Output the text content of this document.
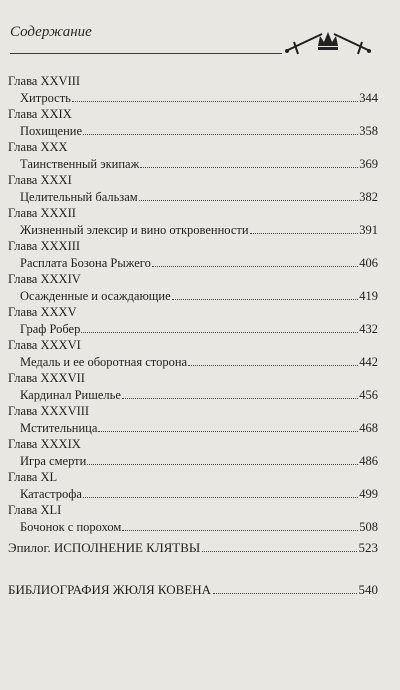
Содержание
Глава XXVIII
Хитрость	344
Глава XXIX
Похищение	358
Глава XXX
Таинственный экипаж	369
Глава XXXI
Целительный бальзам	382
Глава XXXII
Жизненный элексир и вино откровенности	391
Глава XXXIII
Расплата Бозона Рыжего	406
Глава XXXIV
Осажденные и осаждающие	419
Глава XXXV
Граф Робер	432
Глава XXXVI
Медаль и ее оборотная сторона	442
Глава XXXVII
Кардинал Ришелье	456
Глава XXXVIII
Мстительница	468
Глава XXXIX
Игра смерти	486
Глава XL
Катастрофа	499
Глава XLI
Бочонок с порохом	508
Эпилог. ИСПОЛНЕНИЕ КЛЯТВЫ	523
БИБЛИОГРАФИЯ ЖЮЛЯ КОВЕНА	540
